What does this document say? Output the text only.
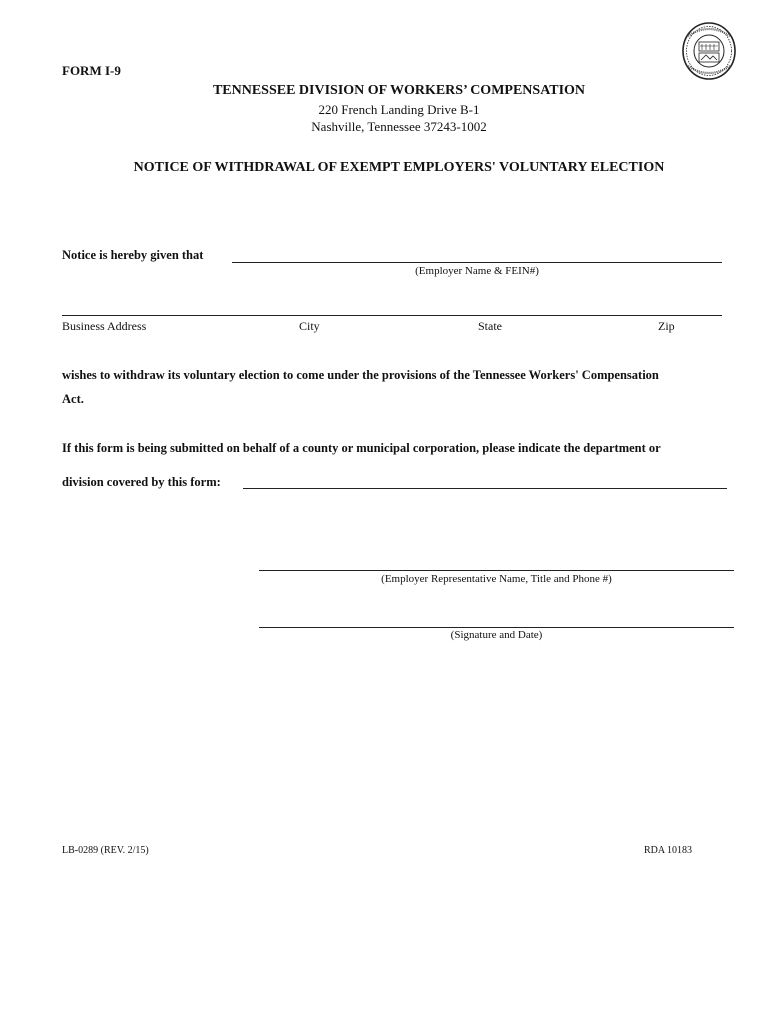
FORM I-9
TENNESSEE DIVISION OF WORKERS’ COMPENSATION
220 French Landing Drive B-1
Nashville, Tennessee 37243-1002
NOTICE OF WITHDRAWAL OF EXEMPT EMPLOYERS' VOLUNTARY ELECTION
Notice is hereby given that
(Employer Name & FEIN#)
Business Address	City	State	Zip
wishes to withdraw its voluntary election to come under the provisions of the Tennessee Workers' Compensation
Act.
If this form is being submitted on behalf of a county or municipal corporation, please indicate the department or
division covered by this form:
(Employer Representative Name, Title and Phone #)
(Signature and Date)
LB-0289 (REV. 2/15)	RDA 10183
